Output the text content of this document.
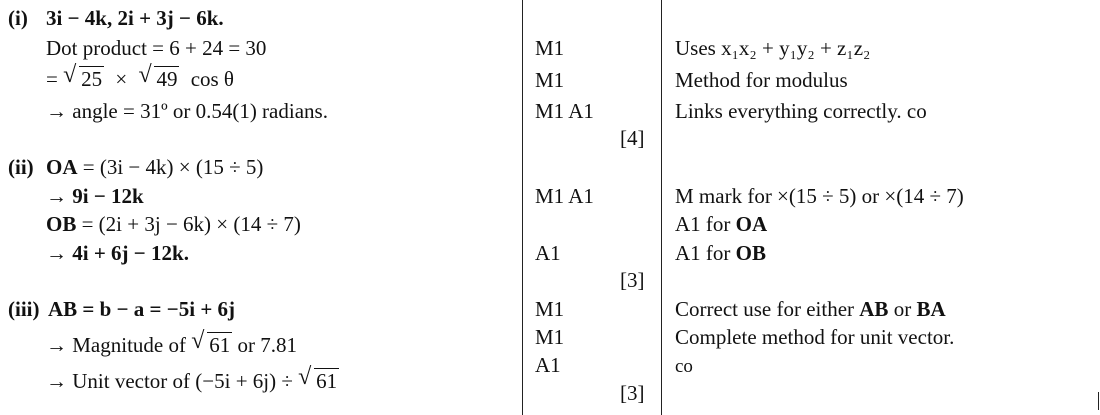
(i) 3i − 4k, 2i + 3j − 6k.
Dot product = 6 + 24 = 30
= √ 25 × √ 49 cos θ
→ angle = 31º or 0.54(1) radians.
M1
M1
M1 A1
[4]
Uses x₁x₂ + y₁y₂ + z₁z₂
Method for modulus
Links everything correctly. co
(ii) OA = (3i − 4k) × (15 ÷ 5)
→ 9i − 12k
OB = (2i + 3j − 6k) × (14 ÷ 7)
→ 4i + 6j − 12k.
M1 A1
A1
[3]
M mark for ×(15 ÷ 5) or ×(14 ÷ 7)
A1 for OA
A1 for OB
(iii) AB = b − a = −5i + 6j
→ Magnitude of √ 61 or 7.81
→ Unit vector of (−5i + 6j) ÷ √ 61
M1
M1
A1
[3]
Correct use for either AB or BA
Complete method for unit vector.
co
